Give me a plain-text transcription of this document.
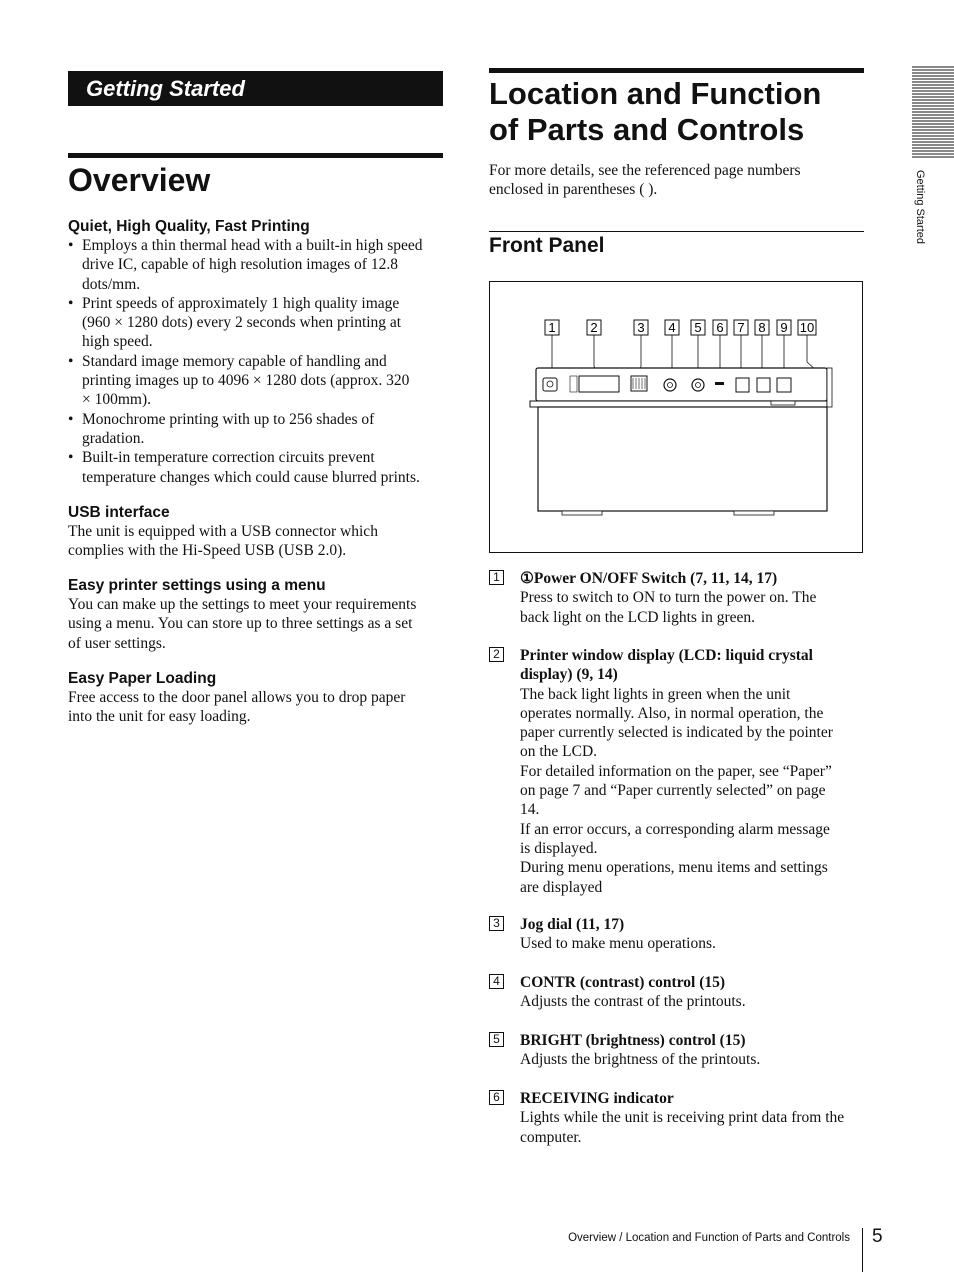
Getting Started
Overview
Quiet, High Quality, Fast Printing
• Employs a thin thermal head with a built-in high speed
drive IC, capable of high resolution images of 12.8
dots/mm.
• Print speeds of approximately 1 high quality image
(960 × 1280 dots) every 2 seconds when printing at
high speed.
• Standard image memory capable of handling and
printing images up to 4096 × 1280 dots (approx. 320
× 100mm).
• Monochrome printing with up to 256 shades of
gradation.
• Built-in temperature correction circuits prevent
temperature changes which could cause blurred prints.
USB interface

The unit is equipped with a USB connector which
complies with the Hi-Speed USB (USB 2.0).

Easy printer settings using a menu

You can make up the settings to meet your requirements
using a menu. You can store up to three settings as a set
of user settings.

Easy Paper Loading

Free access to the door panel allows you to drop paper
into the unit for easy loading.

Location and Function
of Parts and Controls

For more details, see the referenced page numbers
enclosed in parentheses ( ).

Front Panel
1	2	3 4 5 6 7 8 9 10
1 ①Power ON/OFF Switch (7, 11, 14, 17)
Press to switch to ON to turn the power on. The
back light on the LCD lights in green.
2 Printer window display (LCD: liquid crystal
display) (9, 14)
The back light lights in green when the unit
operates normally. Also, in normal operation, the
paper currently selected is indicated by the pointer
on the LCD.
For detailed information on the paper, see “Paper”
on page 7 and “Paper currently selected” on page
14.
If an error occurs, a corresponding alarm message
is displayed.
During menu operations, menu items and settings
are displayed
3 Jog dial (11, 17)
Used to make menu operations.
4 CONTR (contrast) control (15)
Adjusts the contrast of the printouts.
5 BRIGHT (brightness) control (15)
Adjusts the brightness of the printouts.
6 RECEIVING indicator
Lights while the unit is receiving print data from the
computer.
Getting Started
Overview / Location and Function of Parts and Controls 5
